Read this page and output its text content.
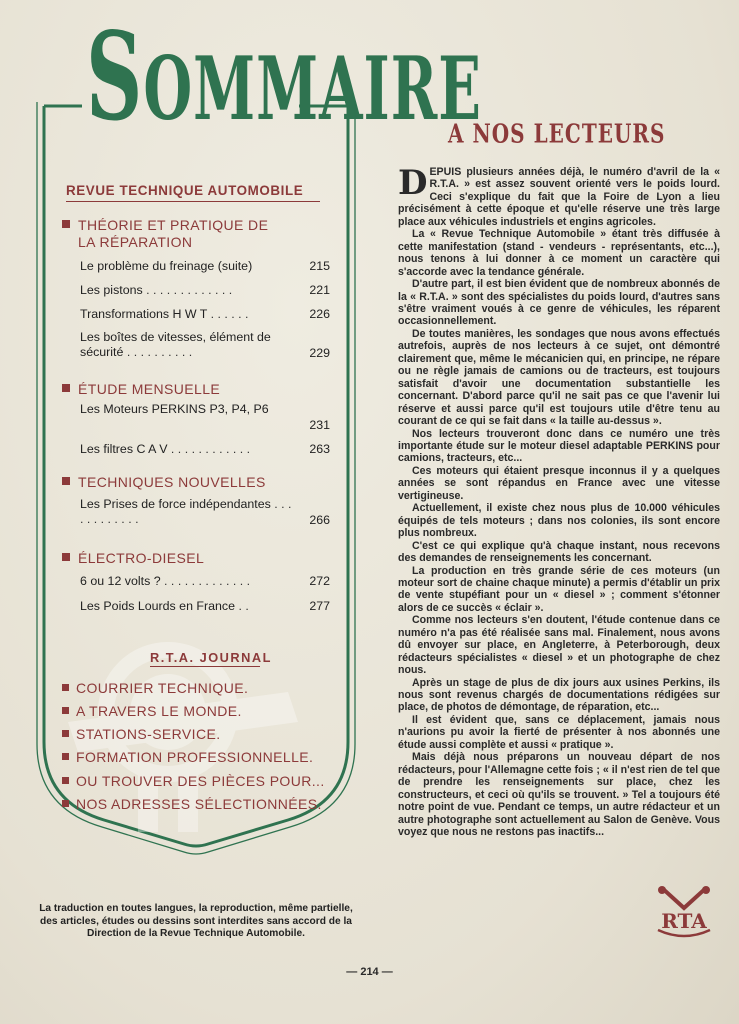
SOMMAIRE
REVUE TECHNIQUE AUTOMOBILE
THÉORIE ET PRATIQUE DE LA RÉPARATION
Le problème du freinage (suite)	215
Les pistons . . . . . . . . . . . . .	221
Transformations H W T . . . . . .	226
Les boîtes de vitesses, élément de sécurité . . . . . . . . . .	229
ÉTUDE MENSUELLE
Les Moteurs PERKINS P3, P4, P6
231
Les filtres C A V . . . . . . . . . . . .	263
TECHNIQUES NOUVELLES
Les Prises de force indépendantes . . . . . . . . . . . .	266
ÉLECTRO-DIESEL
6 ou 12 volts ? . . . . . . . . . . . . .	272
Les Poids Lourds en France . .	277
R.T.A. JOURNAL
COURRIER TECHNIQUE.
A TRAVERS LE MONDE.
STATIONS-SERVICE.
FORMATION PROFESSIONNELLE.
OU TROUVER DES PIÈCES POUR...
NOS ADRESSES SÉLECTIONNÉES.
La traduction en toutes langues, la reproduction, même partielle, des articles, études ou dessins sont interdites sans accord de la Direction de la Revue Technique Automobile.
A NOS LECTEURS

DEPUIS plusieurs années déjà, le numéro d'avril de la « R.T.A. » est assez souvent orienté vers le poids lourd. Ceci s'explique du fait que la Foire de Lyon a lieu précisément à cette époque et qu'elle réserve une très large place aux véhicules industriels et engins agricoles.

La « Revue Technique Automobile » étant très diffusée à cette manifestation (stand - vendeurs - représentants, etc...), nous tenons à lui donner à ce moment un caractère qui s'accorde avec la tendance générale.

D'autre part, il est bien évident que de nombreux abonnés de la « R.T.A. » sont des spécialistes du poids lourd, d'autres sans s'être vraiment voués à ce genre de véhicules, les réparent occasionnellement.

De toutes manières, les sondages que nous avons effectués autrefois, auprès de nos lecteurs à ce sujet, ont démontré clairement que, même le mécanicien qui, en principe, ne répare ou ne règle jamais de camions ou de tracteurs, est toujours satisfait d'avoir une documentation substantielle les concernant. D'abord parce qu'il ne sait pas ce que l'avenir lui réserve et aussi parce qu'il est toujours utile d'être tenu au courant de ce qui se fait dans « la taille au-dessus ».

Nos lecteurs trouveront donc dans ce numéro une très importante étude sur le moteur diesel adaptable PERKINS pour camions, tracteurs, etc...

Ces moteurs qui étaient presque inconnus il y a quelques années se sont répandus en France avec une vitesse vertigineuse.

Actuellement, il existe chez nous plus de 10.000 véhicules équipés de tels moteurs ; dans nos colonies, ils sont encore plus nombreux.

C'est ce qui explique qu'à chaque instant, nous recevons des demandes de renseignements les concernant.

La production en très grande série de ces moteurs (un moteur sort de chaine chaque minute) a permis d'établir un prix de vente stupéfiant pour un « diesel » ; comment s'étonner alors de ce succès « éclair ».

Comme nos lecteurs s'en doutent, l'étude contenue dans ce numéro n'a pas été réalisée sans mal. Finalement, nous avons dû envoyer sur place, en Angleterre, à Peterborough, deux rédacteurs spécialistes « diesel » et un photographe de chez nous.

Après un stage de plus de dix jours aux usines Perkins, ils nous sont revenus chargés de documentations rédigées sur place, de photos de démontage, de réparation, etc...

Il est évident que, sans ce déplacement, jamais nous n'aurions pu avoir la fierté de présenter à nos abonnés une étude aussi complète et aussi « pratique ».

Mais déjà nous préparons un nouveau départ de nos rédacteurs, pour l'Allemagne cette fois ; « il n'est rien de tel que de prendre les renseignements sur place, chez les constructeurs, et ceci où qu'ils se trouvent. » Tel a toujours été notre point de vue. Pendant ce temps, un autre rédacteur et un autre photographe sont actuellement au Salon de Genève. Vous voyez que nous ne restons pas inactifs...

RTA
— 214 —
